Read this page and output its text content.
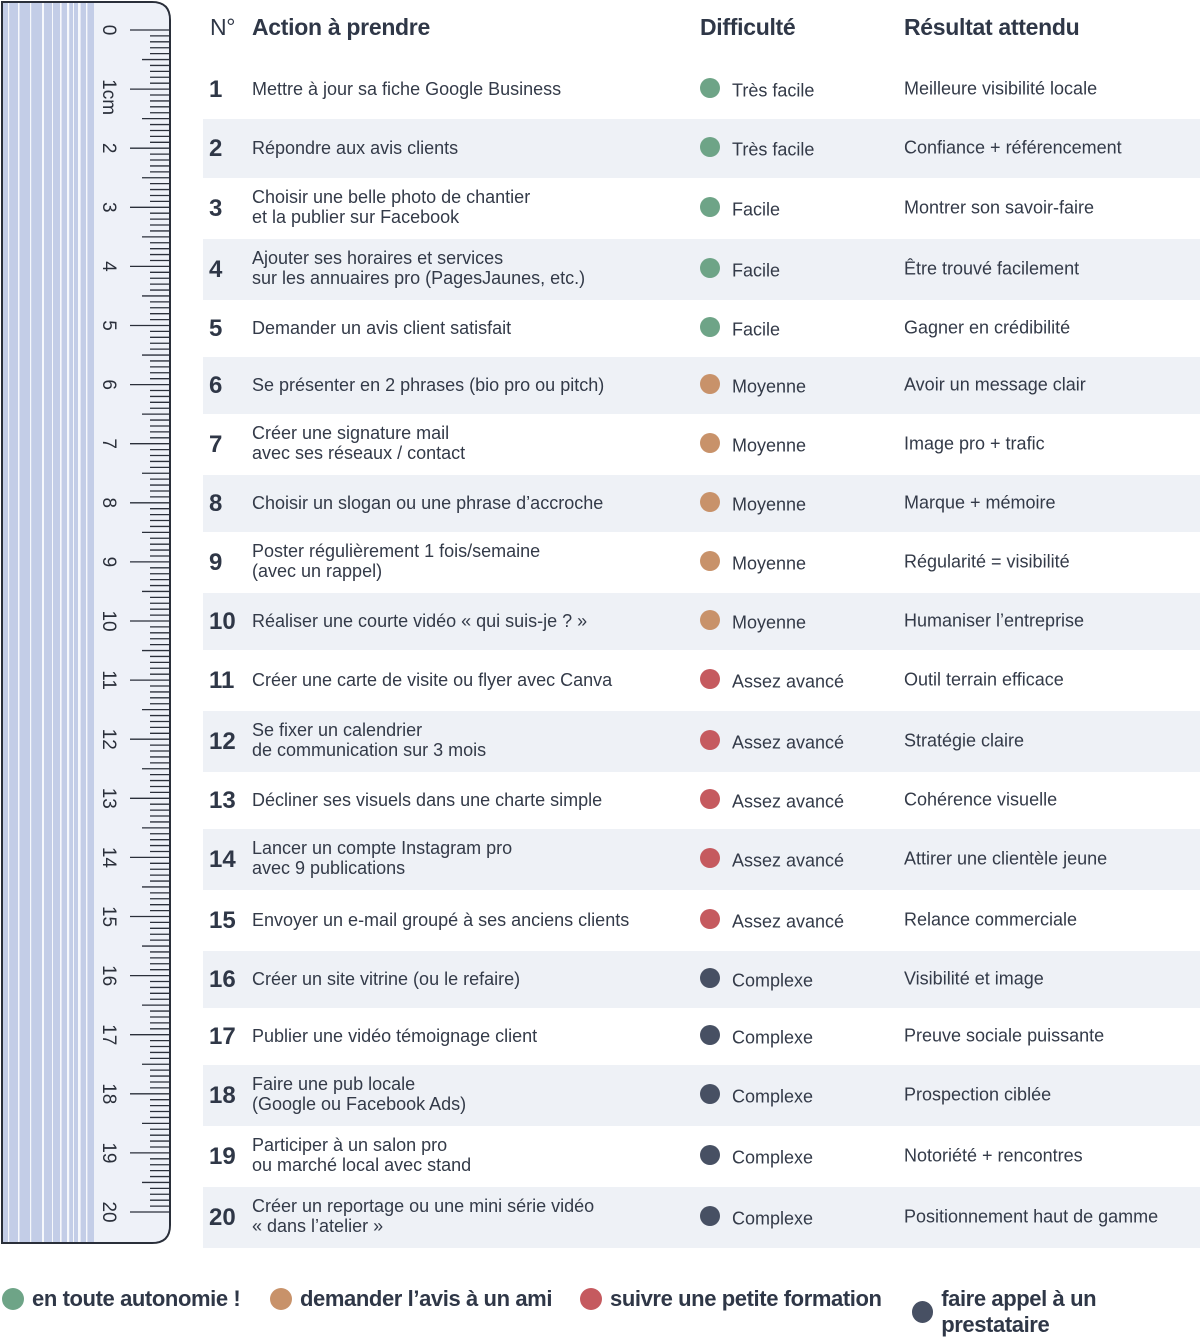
0
1cm
2
3
4
5
6
7
8
9
10
11
12
13
14
15
16
17
18
19
20
N° Action à prendre	Difficulté	Résultat attendu
1 Mettre à jour sa fiche Google Business	Très facile	Meilleure visibilité locale
2 Répondre aux avis clients	Très facile	Confiance + référencement
3 Choisir une belle photo de chantier
et la publier sur Facebook	Facile	Montrer son savoir-faire
4 Ajouter ses horaires et services
sur les annuaires pro (PagesJaunes, etc.)	Facile	Être trouvé facilement
5 Demander un avis client satisfait	Facile	Gagner en crédibilité
6 Se présenter en 2 phrases (bio pro ou pitch)	Moyenne	Avoir un message clair
7 Créer une signature mail
avec ses réseaux / contact	Moyenne	Image pro + trafic
8 Choisir un slogan ou une phrase d’accroche	Moyenne	Marque + mémoire
9 Poster régulièrement 1 fois/semaine
(avec un rappel)	Moyenne	Régularité = visibilité
10 Réaliser une courte vidéo « qui suis-je ? »	Moyenne	Humaniser l’entreprise
11 Créer une carte de visite ou flyer avec Canva	Assez avancé	Outil terrain efficace
12 Se fixer un calendrier
de communication sur 3 mois	Assez avancé	Stratégie claire
13 Décliner ses visuels dans une charte simple	Assez avancé	Cohérence visuelle
14 Lancer un compte Instagram pro
avec 9 publications	Assez avancé	Attirer une clientèle jeune
15 Envoyer un e-mail groupé à ses anciens clients	Assez avancé	Relance commerciale
16 Créer un site vitrine (ou le refaire)	Complexe	Visibilité et image
17 Publier une vidéo témoignage client	Complexe	Preuve sociale puissante
18 Faire une pub locale
(Google ou Facebook Ads)	Complexe	Prospection ciblée
19 Participer à un salon pro
ou marché local avec stand	Complexe	Notoriété + rencontres
20 Créer un reportage ou une mini série vidéo
« dans l’atelier »	Complexe	Positionnement haut de gamme
en toute autonomie !	demander l’avis à un ami	suivre une petite formation	faire appel à un prestataire
